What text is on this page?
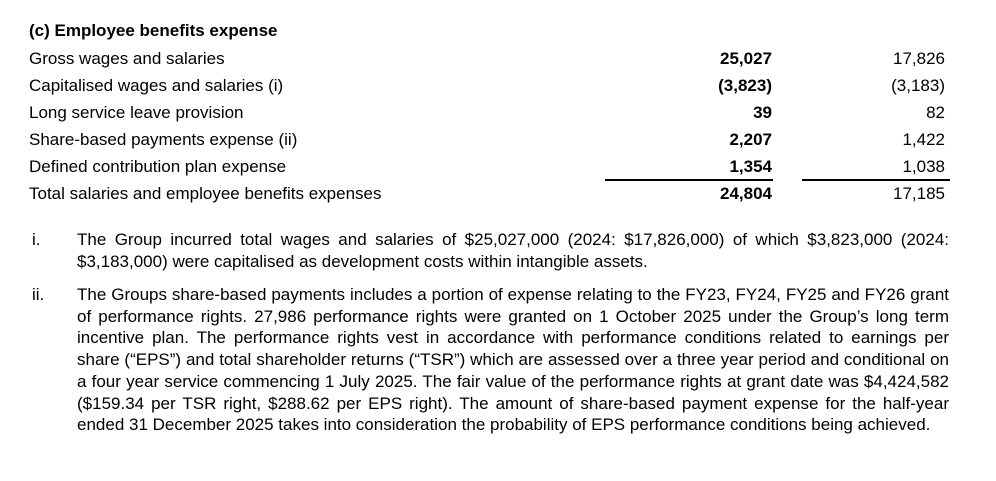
(c) Employee benefits expense
Gross wages and salaries	25,027	17,826
Capitalised wages and salaries (i)	(3,823)	(3,183)
Long service leave provision	39	82
Share-based payments expense (ii)	2,207	1,422
Defined contribution plan expense	1,354	1,038
Total salaries and employee benefits expenses	24,804	17,185
i. The Group incurred total wages and salaries of $25,027,000 (2024: $17,826,000) of which $3,823,000 (2024: $3,183,000) were capitalised as development costs within intangible assets.
ii. The Groups share-based payments includes a portion of expense relating to the FY23, FY24, FY25 and FY26 grant of performance rights. 27,986 performance rights were granted on 1 October 2025 under the Group’s long term incentive plan. The performance rights vest in accordance with performance conditions related to earnings per share (“EPS”) and total shareholder returns (“TSR”) which are assessed over a three year period and conditional on a four year service commencing 1 July 2025. The fair value of the performance rights at grant date was $4,424,582 ($159.34 per TSR right, $288.62 per EPS right). The amount of share-based payment expense for the half-year ended 31 December 2025 takes into consideration the probability of EPS performance conditions being achieved.
